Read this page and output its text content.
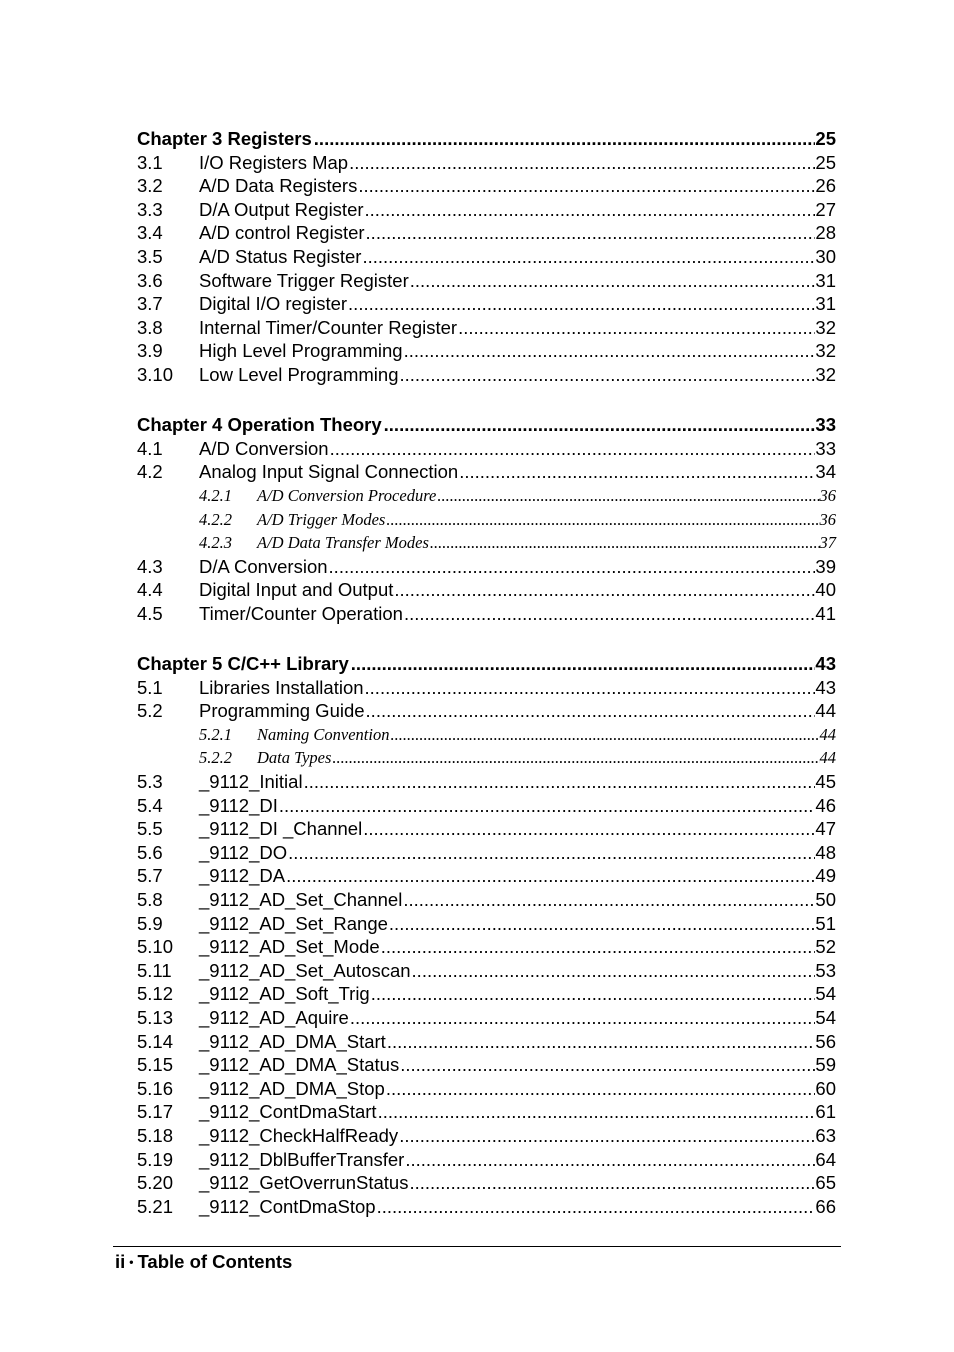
Chapter 3 Registers .....	25
3.1	I/O Registers Map .....	25
3.2	A/D Data Registers .....	26
3.3	D/A Output Register .....	27
3.4	A/D control Register .....	28
3.5	A/D Status Register .....	30
3.6	Software Trigger Register .....	31
3.7	Digital I/O register .....	31
3.8	Internal Timer/Counter Register .....	32
3.9	High Level Programming .....	32
3.10	Low Level Programming .....	32
Chapter 4 Operation Theory .....	33
4.1	A/D Conversion .....	33
4.2	Analog Input Signal Connection .....	34
4.2.1	A/D Conversion Procedure .....	36
4.2.2	A/D Trigger Modes .....	36
4.2.3	A/D Data Transfer Modes .....	37
4.3	D/A Conversion .....	39
4.4	Digital Input and Output .....	40
4.5	Timer/Counter Operation .....	41
Chapter 5 C/C++ Library .....	43
5.1	Libraries Installation .....	43
5.2	Programming Guide .....	44
5.2.1	Naming Convention .....	44
5.2.2	Data Types .....	44
5.3	_9112_Initial .....	45
5.4	_9112_DI .....	46
5.5	_9112_DI _Channel .....	47
5.6	_9112_DO .....	48
5.7	_9112_DA .....	49
5.8	_9112_AD_Set_Channel .....	50
5.9	_9112_AD_Set_Range .....	51
5.10	_9112_AD_Set_Mode .....	52
5.11	_9112_AD_Set_Autoscan .....	53
5.12	_9112_AD_Soft_Trig .....	54
5.13	_9112_AD_Aquire .....	54
5.14	_9112_AD_DMA_Start .....	56
5.15	_9112_AD_DMA_Status .....	59
5.16	_9112_AD_DMA_Stop .....	60
5.17	_9112_ContDmaStart .....	61
5.18	_9112_CheckHalfReady .....	63
5.19	_9112_DblBufferTransfer .....	64
5.20	_9112_GetOverrunStatus .....	65
5.21	_9112_ContDmaStop .....	66
ii • Table of Contents
